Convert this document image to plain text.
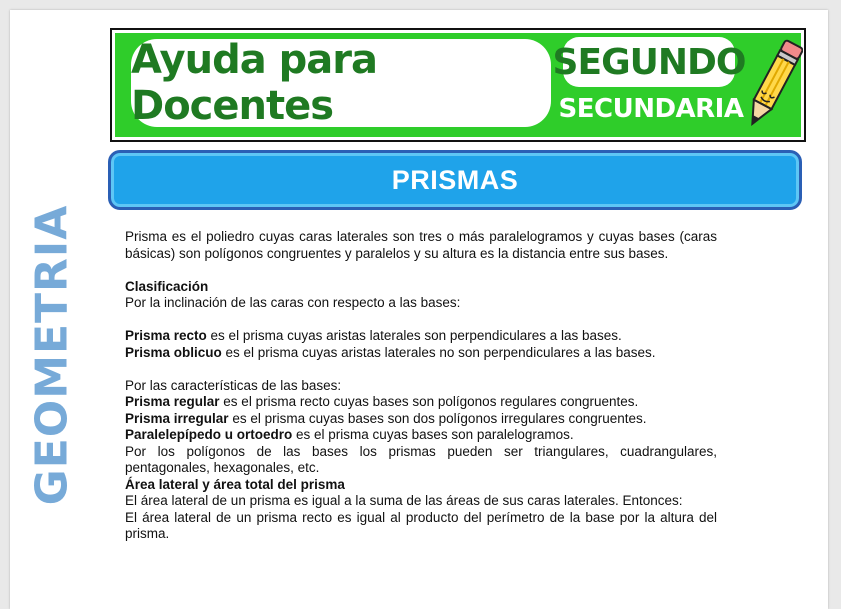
Ayuda para Docentes
SEGUNDO
SECUNDARIA
GEOMETRIA
PRISMAS

Prisma es el poliedro cuyas caras laterales son tres o más paralelogramos y cuyas bases (caras básicas) son polígonos congruentes y paralelos y su altura es la distancia entre sus bases.

Clasificación

Por la inclinación de las caras con respecto a las bases:

Prisma recto es el prisma cuyas aristas laterales son perpendiculares a las bases.

Prisma oblicuo es el prisma cuyas aristas laterales no son perpendiculares a las bases.

Por las características de las bases:

Prisma regular es el prisma recto cuyas bases son polígonos regulares congruentes.

Prisma irregular es el prisma cuyas bases son dos polígonos irregulares congruentes.

Paralelepípedo u ortoedro es el prisma cuyas bases son paralelogramos.

Por los polígonos de las bases los prismas pueden ser triangulares, cuadrangulares, pentagonales, hexagonales, etc.

Área lateral y área total del prisma

El área lateral de un prisma es igual a la suma de las áreas de sus caras laterales. Entonces:

El área lateral de un prisma recto es igual al producto del perímetro de la base por la altura del prisma.
